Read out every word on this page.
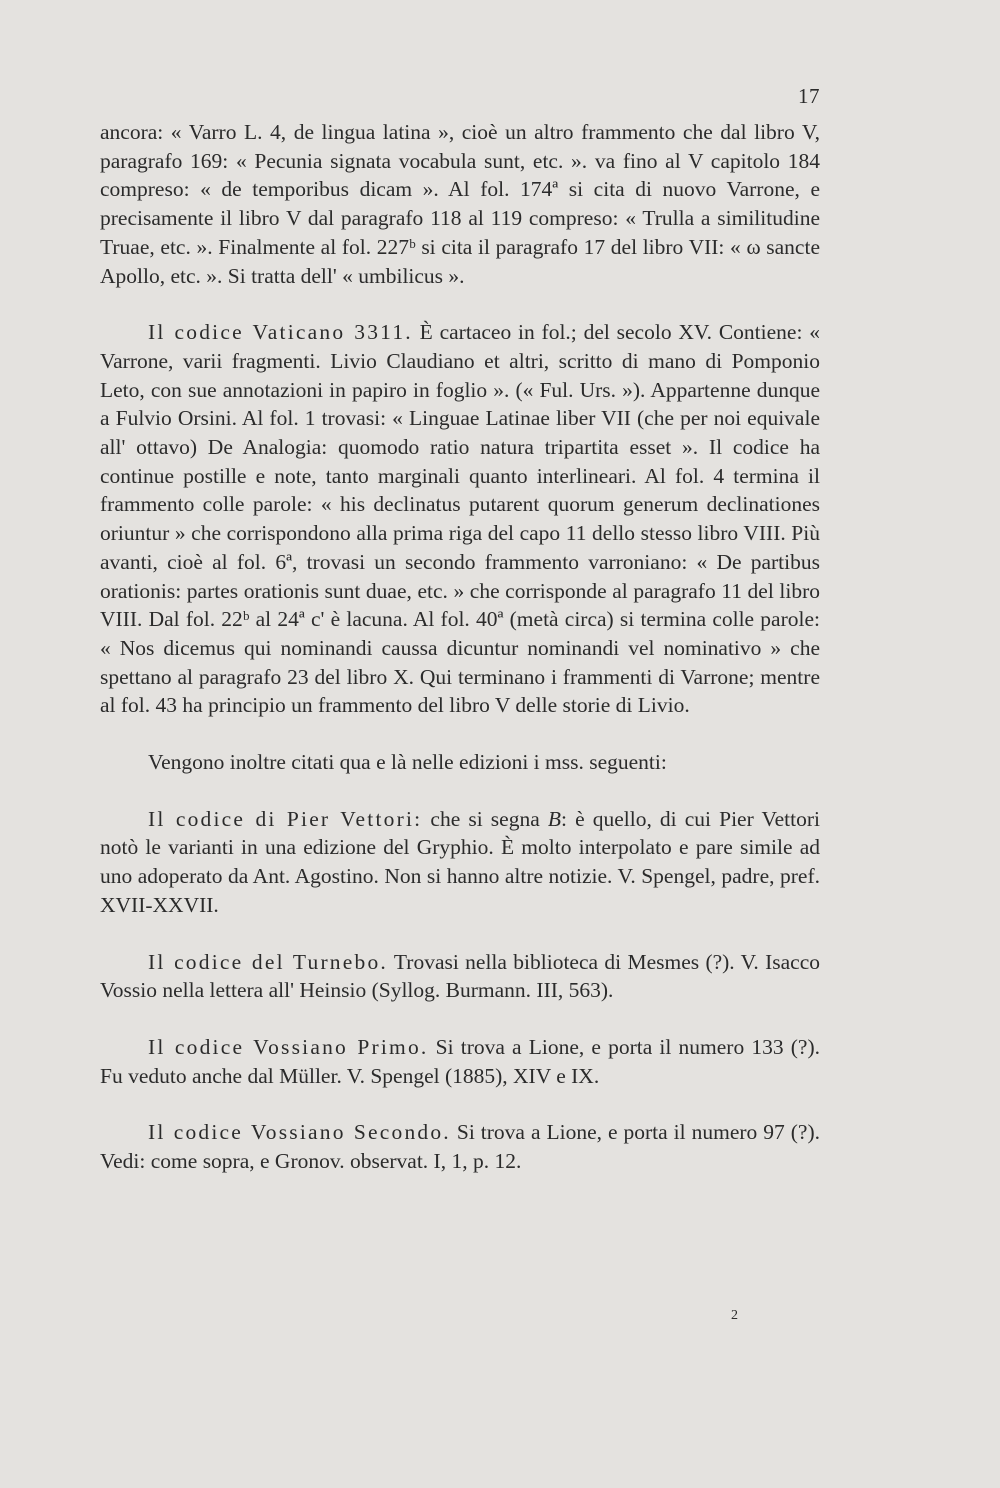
17

ancora: « Varro L. 4, de lingua latina », cioè un altro frammento che dal libro V, paragrafo 169: « Pecunia signata vocabula sunt, etc. ». va fino al V capitolo 184 compreso: « de temporibus dicam ». Al fol. 174ª si cita di nuovo Varrone, e precisamente il libro V dal paragrafo 118 al 119 compreso: « Trulla a similitudine Truae, etc. ». Finalmente al fol. 227ᵇ si cita il paragrafo 17 del libro VII: « ω sancte Apollo, etc. ». Si tratta dell' « umbilicus ».

Il codice Vaticano 3311. È cartaceo in fol.; del secolo XV. Contiene: « Varrone, varii fragmenti. Livio Claudiano et altri, scritto di mano di Pomponio Leto, con sue annotazioni in papiro in foglio ». (« Ful. Urs. »). Appartenne dunque a Fulvio Orsini. Al fol. 1 trovasi: « Linguae Latinae liber VII (che per noi equivale all' ottavo) De Analogia: quomodo ratio natura tripartita esset ». Il codice ha continue postille e note, tanto marginali quanto interlineari. Al fol. 4 termina il frammento colle parole: « his declinatus putarent quorum generum declinationes oriuntur » che corrispondono alla prima riga del capo 11 dello stesso libro VIII. Più avanti, cioè al fol. 6ª, trovasi un secondo frammento varroniano: « De partibus orationis: partes orationis sunt duae, etc. » che corrisponde al paragrafo 11 del libro VIII. Dal fol. 22ᵇ al 24ª c' è lacuna. Al fol. 40ª (metà circa) si termina colle parole: « Nos dicemus qui nominandi caussa dicuntur nominandi vel nominativo » che spettano al paragrafo 23 del libro X. Qui terminano i frammenti di Varrone; mentre al fol. 43 ha principio un frammento del libro V delle storie di Livio.

Vengono inoltre citati qua e là nelle edizioni i mss. seguenti:

Il codice di Pier Vettori: che si segna B: è quello, di cui Pier Vettori notò le varianti in una edizione del Gryphio. È molto interpolato e pare simile ad uno adoperato da Ant. Agostino. Non si hanno altre notizie. V. Spengel, padre, pref. XVII-XXVII.

Il codice del Turnebo. Trovasi nella biblioteca di Mesmes (?). V. Isacco Vossio nella lettera all' Heinsio (Syllog. Burmann. III, 563).

Il codice Vossiano Primo. Si trova a Lione, e porta il numero 133 (?). Fu veduto anche dal Müller. V. Spengel (1885), XIV e IX.

Il codice Vossiano Secondo. Si trova a Lione, e porta il numero 97 (?). Vedi: come sopra, e Gronov. observat. I, 1, p. 12.

2
